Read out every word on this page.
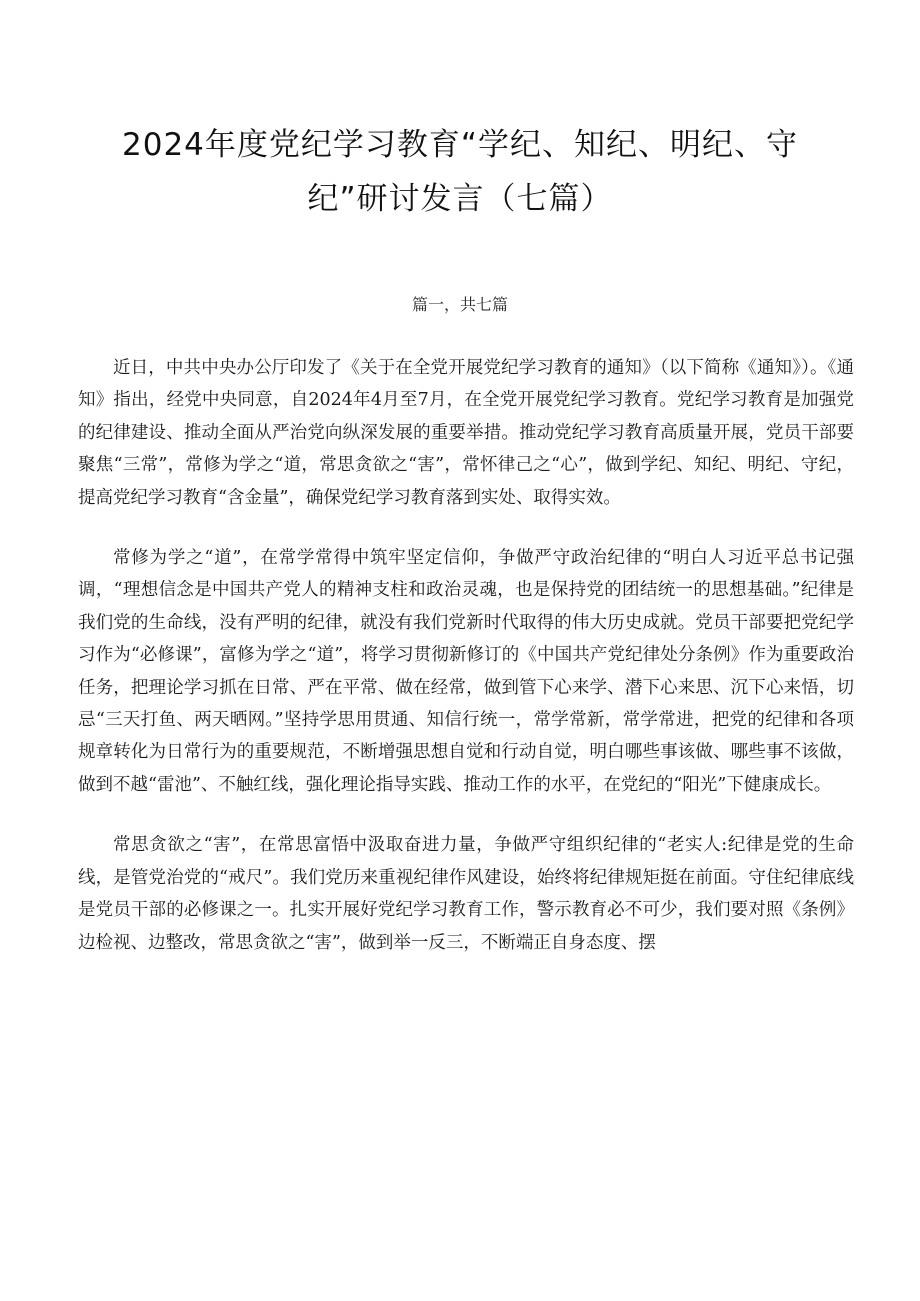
2024年度党纪学习教育“学纪、知纪、明纪、守纪”研讨发言（七篇）
篇一，共七篇

近日，中共中央办公厅印发了《关于在全党开展党纪学习教育的通知》（以下简称《通知》）。《通知》指出，经党中央同意，自2024年4月至7月，在全党开展党纪学习教育。党纪学习教育是加强党的纪律建设、推动全面从严治党向纵深发展的重要举措。推动党纪学习教育高质量开展，党员干部要聚焦“三常”，常修为学之“道，常思贪欲之“害”，常怀律己之“心”，做到学纪、知纪、明纪、守纪，提高党纪学习教育“含金量”，确保党纪学习教育落到实处、取得实效。

常修为学之“道”，在常学常得中筑牢坚定信仰，争做严守政治纪律的“明白人习近平总书记强调，“理想信念是中国共产党人的精神支柱和政治灵魂，也是保持党的团结统一的思想基础。”纪律是我们党的生命线，没有严明的纪律，就没有我们党新时代取得的伟大历史成就。党员干部要把党纪学习作为“必修课”，富修为学之“道”，将学习贯彻新修订的《中国共产党纪律处分条例》作为重要政治任务，把理论学习抓在日常、严在平常、做在经常，做到管下心来学、潜下心来思、沉下心来悟，切忌“三天打鱼、两天晒网。”坚持学思用贯通、知信行统一，常学常新，常学常进，把党的纪律和各项规章转化为日常行为的重要规范，不断增强思想自觉和行动自觉，明白哪些事该做、哪些事不该做，做到不越“雷池”、不触红线，强化理论指导实践、推动工作的水平，在党纪的“阳光”下健康成长。

常思贪欲之“害”，在常思富悟中汲取奋进力量，争做严守组织纪律的“老实人:纪律是党的生命线，是管党治党的“戒尺”。我们党历来重视纪律作风建设，始终将纪律规矩挺在前面。守住纪律底线是党员干部的必修课之一。扎实开展好党纪学习教育工作，警示教育必不可少，我们要对照《条例》边检视、边整改，常思贪欲之“害”，做到举一反三，不断端正自身态度、摆
